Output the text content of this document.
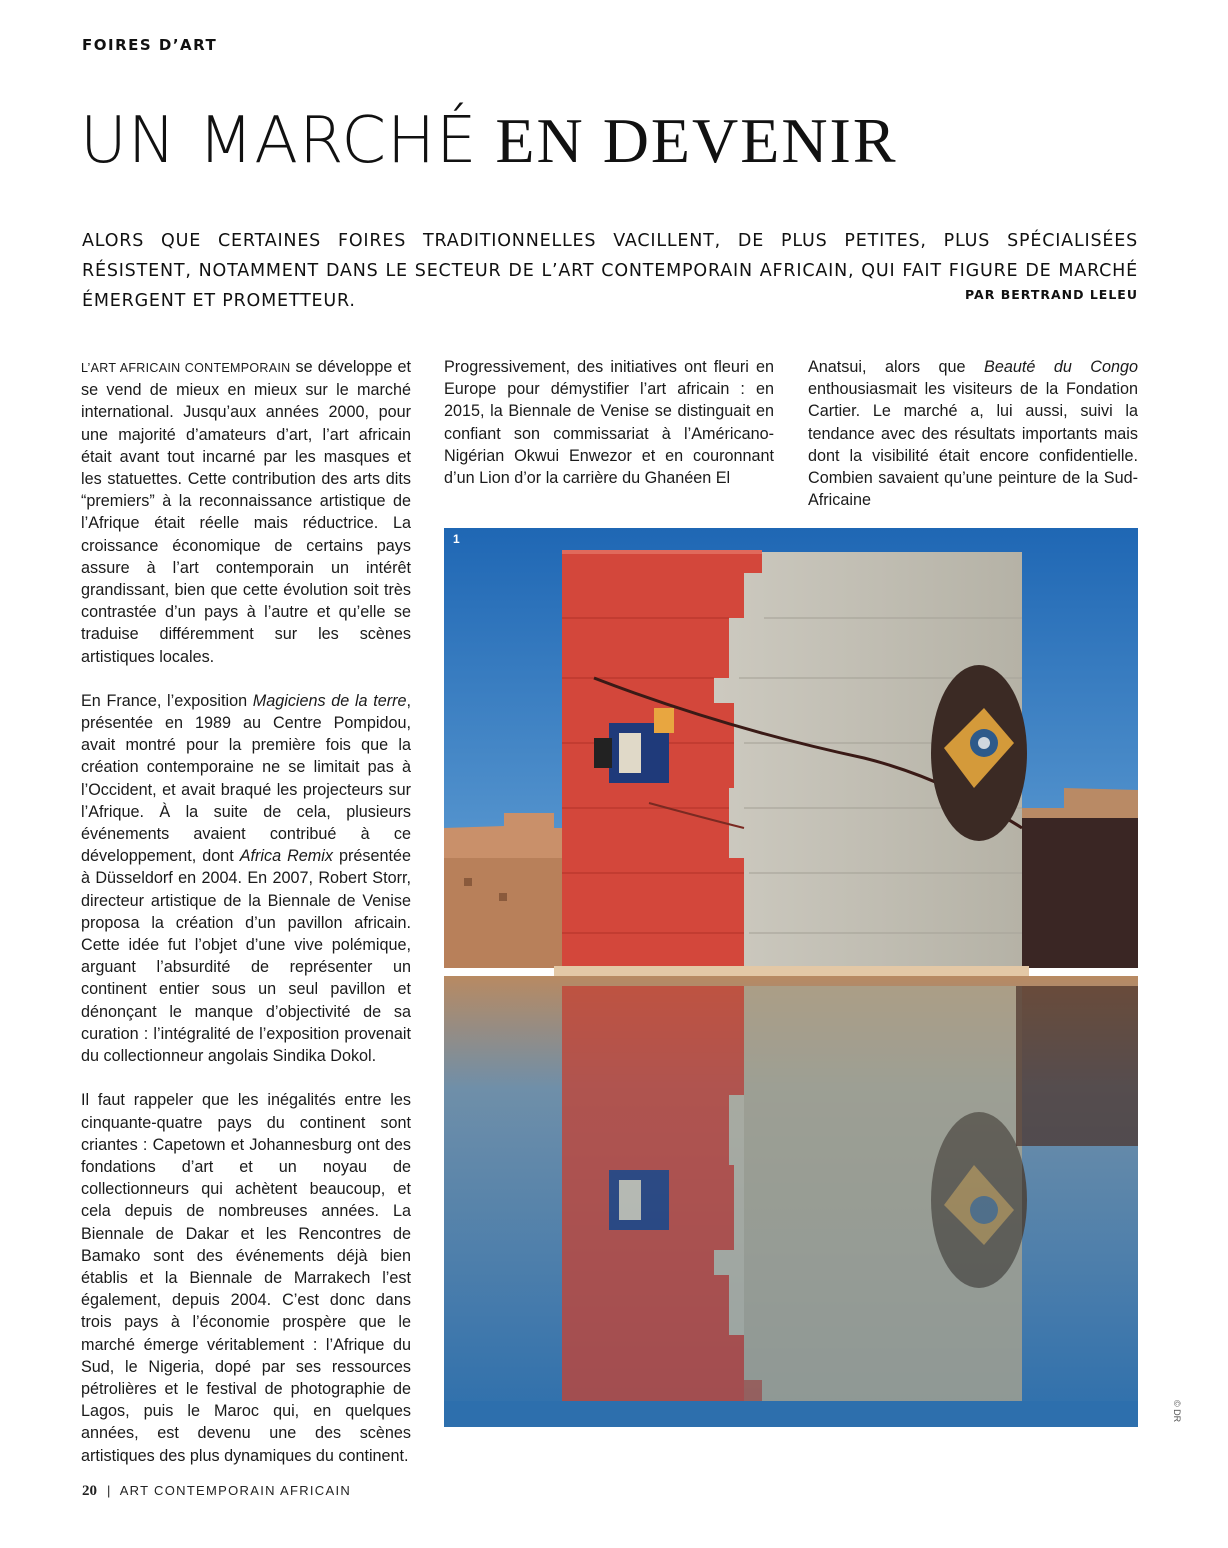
FOIRES D’ART
UN MARCHÉ EN DEVENIR
ALORS QUE CERTAINES FOIRES TRADITIONNELLES VACILLENT, DE PLUS PETITES, PLUS SPÉCIALISÉES RÉSISTENT, NOTAMMENT DANS LE SECTEUR DE L’ART CONTEMPORAIN AFRICAIN, QUI FAIT FIGURE DE MARCHÉ ÉMERGENT ET PROMETTEUR.	PAR BERTRAND LELEU

L’ART AFRICAIN CONTEMPORAIN se développe et se vend de mieux en mieux sur le marché international. Jusqu’aux années 2000, pour une majorité d’amateurs d’art, l’art africain était avant tout incarné par les masques et les statuettes. Cette contribution des arts dits “premiers” à la reconnaissance artistique de l’Afrique était réelle mais réductrice. La croissance économique de certains pays assure à l’art contemporain un intérêt grandissant, bien que cette évolution soit très contrastée d’un pays à l’autre et qu’elle se traduise différemment sur les scènes artistiques locales.

En France, l’exposition Magiciens de la terre, présentée en 1989 au Centre Pompidou, avait montré pour la première fois que la création contemporaine ne se limitait pas à l’Occident, et avait braqué les projecteurs sur l’Afrique. À la suite de cela, plusieurs événements avaient contribué à ce développement, dont Africa Remix présentée à Düsseldorf en 2004. En 2007, Robert Storr, directeur artistique de la Biennale de Venise proposa la création d’un pavillon africain. Cette idée fut l’objet d’une vive polémique, arguant l’absurdité de représenter un continent entier sous un seul pavillon et dénonçant le manque d’objectivité de sa curation : l’intégralité de l’exposition provenait du collectionneur angolais Sindika Dokol.

Il faut rappeler que les inégalités entre les cinquante-quatre pays du continent sont criantes : Capetown et Johannesburg ont des fondations d’art et un noyau de collectionneurs qui achètent beaucoup, et cela depuis de nombreuses années. La Biennale de Dakar et les Rencontres de Bamako sont des événements déjà bien établis et la Biennale de Marrakech l’est également, depuis 2004. C’est donc dans trois pays à l’économie prospère que le marché émerge véritablement : l’Afrique du Sud, le Nigeria, dopé par ses ressources pétrolières et le festival de photographie de Lagos, puis le Maroc qui, en quelques années, est devenu une des scènes artistiques des plus dynamiques du continent.

Progressivement, des initiatives ont fleuri en Europe pour démystifier l’art africain : en 2015, la Biennale de Venise se distinguait en confiant son commissariat à l’Américano-Nigérian Okwui Enwezor et en couronnant d’un Lion d’or la carrière du Ghanéen El

Anatsui, alors que Beauté du Congo enthousiasmait les visiteurs de la Fondation Cartier. Le marché a, lui aussi, suivi la tendance avec des résultats importants mais dont la visibilité était encore confidentielle. Combien savaient qu’une peinture de la Sud-Africaine

1
© DR
20 | ART CONTEMPORAIN AFRICAIN
